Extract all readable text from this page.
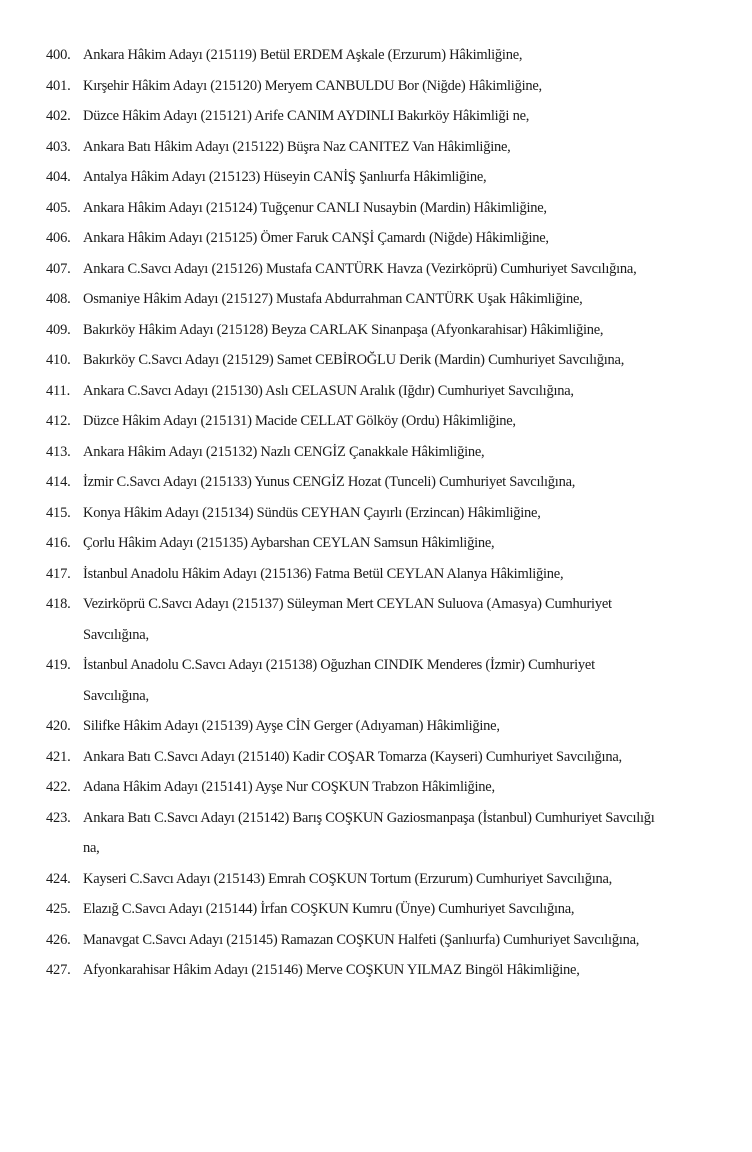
400. Ankara Hâkim Adayı (215119) Betül ERDEM Aşkale (Erzurum) Hâkimliğine,
401. Kırşehir Hâkim Adayı (215120) Meryem CANBULDU Bor (Niğde) Hâkimliğine,
402. Düzce Hâkim Adayı (215121) Arife CANIM AYDINLI Bakırköy Hâkimliği ne,
403. Ankara Batı Hâkim Adayı (215122) Büşra Naz CANITEZ Van Hâkimliğine,
404. Antalya Hâkim Adayı (215123) Hüseyin CANİŞ Şanlıurfa Hâkimliğine,
405. Ankara Hâkim Adayı (215124) Tuğçenur CANLI Nusaybin (Mardin) Hâkimliğine,
406. Ankara Hâkim Adayı (215125) Ömer Faruk CANŞİ Çamardı (Niğde) Hâkimliğine,
407. Ankara C.Savcı Adayı (215126) Mustafa CANTÜRK Havza (Vezirköprü) Cumhuriyet Savcılığına,
408. Osmaniye Hâkim Adayı (215127) Mustafa Abdurrahman CANTÜRK Uşak Hâkimliğine,
409. Bakırköy Hâkim Adayı (215128) Beyza CARLAK Sinanpaşa (Afyonkarahisar) Hâkimliğine,
410. Bakırköy C.Savcı Adayı (215129) Samet CEBİROĞLU Derik (Mardin) Cumhuriyet Savcılığına,
411. Ankara C.Savcı Adayı (215130) Aslı CELASUN Aralık (Iğdır) Cumhuriyet Savcılığına,
412. Düzce Hâkim Adayı (215131) Macide CELLAT Gölköy (Ordu) Hâkimliğine,
413. Ankara Hâkim Adayı (215132) Nazlı CENGİZ Çanakkale Hâkimliğine,
414. İzmir C.Savcı Adayı (215133) Yunus CENGİZ Hozat (Tunceli) Cumhuriyet Savcılığına,
415. Konya Hâkim Adayı (215134) Sündüs CEYHAN Çayırlı (Erzincan) Hâkimliğine,
416. Çorlu Hâkim Adayı (215135) Aybarshan CEYLAN Samsun Hâkimliğine,
417. İstanbul Anadolu Hâkim Adayı (215136) Fatma Betül CEYLAN Alanya Hâkimliğine,
418. Vezirköprü C.Savcı Adayı (215137) Süleyman Mert CEYLAN Suluova (Amasya) Cumhuriyet
Savcılığına,
419. İstanbul Anadolu C.Savcı Adayı (215138) Oğuzhan CINDIK Menderes (İzmir) Cumhuriyet
Savcılığına,
420. Silifke Hâkim Adayı (215139) Ayşe CİN Gerger (Adıyaman) Hâkimliğine,
421. Ankara Batı C.Savcı Adayı (215140) Kadir COŞAR Tomarza (Kayseri) Cumhuriyet Savcılığına,
422. Adana Hâkim Adayı (215141) Ayşe Nur COŞKUN Trabzon Hâkimliğine,
423. Ankara Batı C.Savcı Adayı (215142) Barış COŞKUN Gaziosmanpaşa (İstanbul) Cumhuriyet Savcılığı
na,
424. Kayseri C.Savcı Adayı (215143) Emrah COŞKUN Tortum (Erzurum) Cumhuriyet Savcılığına,
425. Elazığ C.Savcı Adayı (215144) İrfan COŞKUN Kumru (Ünye) Cumhuriyet Savcılığına,
426. Manavgat C.Savcı Adayı (215145) Ramazan COŞKUN Halfeti (Şanlıurfa) Cumhuriyet Savcılığına,
427. Afyonkarahisar Hâkim Adayı (215146) Merve COŞKUN YILMAZ Bingöl Hâkimliğine,
